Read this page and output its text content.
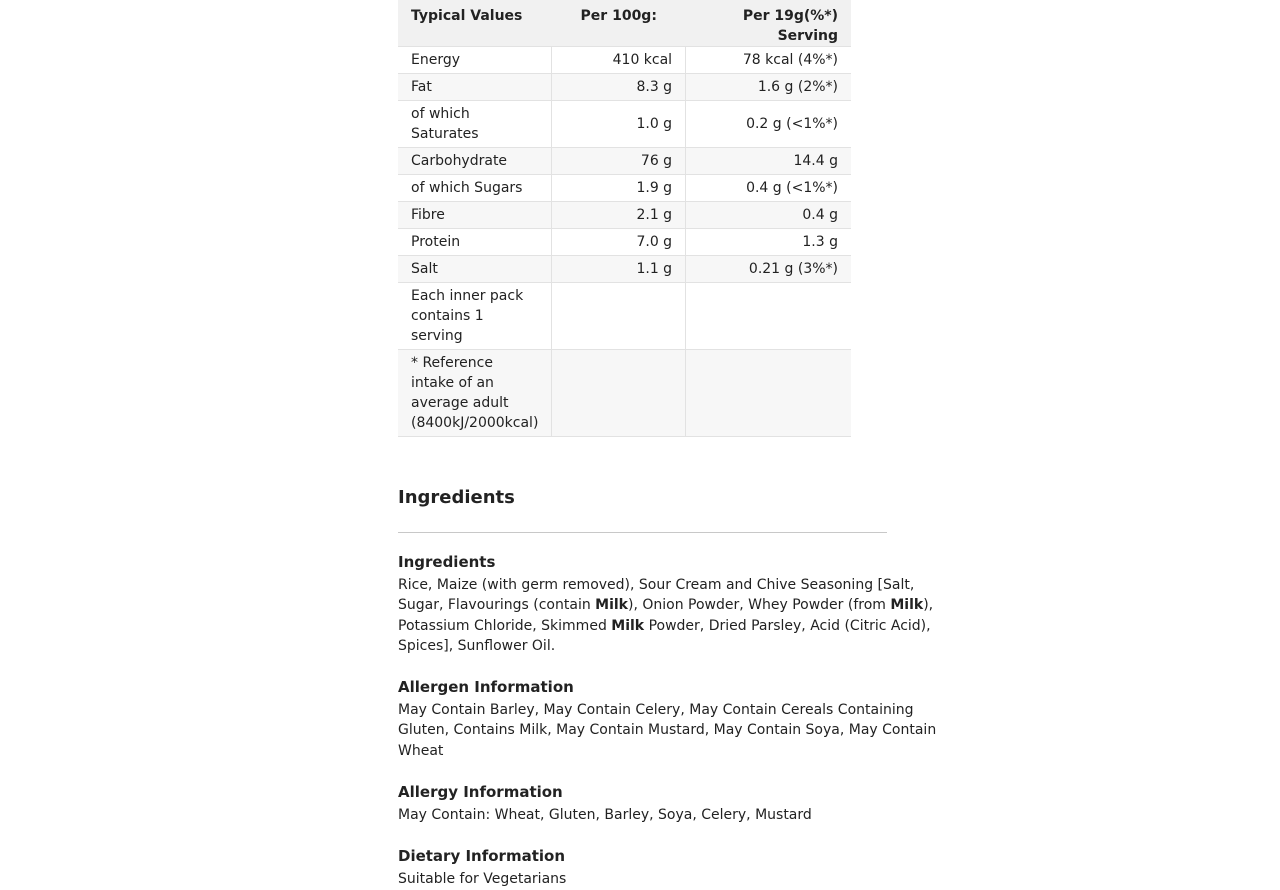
Typical Values	Per 100g:	Per 19g(%*) Serving
Energy	410 kcal	78 kcal (4%*)
Fat	8.3 g	1.6 g (2%*)
of which Saturates	1.0 g	0.2 g (<1%*)
Carbohydrate	76 g	14.4 g
of which Sugars	1.9 g	0.4 g (<1%*)
Fibre	2.1 g	0.4 g
Protein	7.0 g	1.3 g
Salt	1.1 g	0.21 g (3%*)
Each inner pack contains 1 serving		
* Reference intake of an average adult (8400kJ/2000kcal)		
Ingredients
Ingredients
Rice, Maize (with germ removed), Sour Cream and Chive Seasoning [Salt, Sugar, Flavourings (contain Milk), Onion Powder, Whey Powder (from Milk), Potassium Chloride, Skimmed Milk Powder, Dried Parsley, Acid (Citric Acid), Spices], Sunflower Oil.
Allergen Information
May Contain Barley, May Contain Celery, May Contain Cereals Containing Gluten, Contains Milk, May Contain Mustard, May Contain Soya, May Contain Wheat
Allergy Information
May Contain: Wheat, Gluten, Barley, Soya, Celery, Mustard
Dietary Information
Suitable for Vegetarians
